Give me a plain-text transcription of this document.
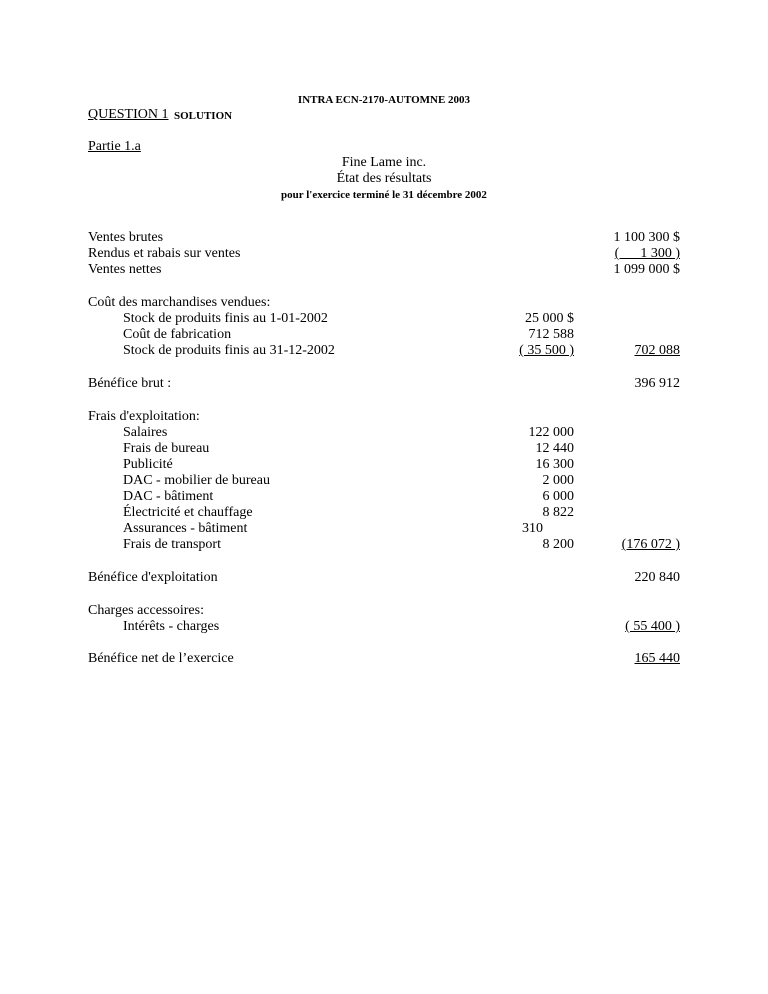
INTRA ECN-2170-AUTOMNE 2003
QUESTION 1 SOLUTION
Partie 1.a
Fine Lame inc.
État des résultats
pour l'exercice terminé le 31 décembre 2002
Ventes brutes	1 100 300 $
Rendus et rabais sur ventes	(      1 300 )
Ventes nettes	1 099 000 $
Coût des marchandises vendues:
Stock de produits finis au 1-01-2002	25 000 $
Coût de fabrication	712 588
Stock de produits finis au 31-12-2002	( 35 500 )	702 088
Bénéfice brut :	396 912
Frais d'exploitation:
Salaires	122 000
Frais de bureau	12 440
Publicité	16 300
DAC - mobilier de bureau	2 000
DAC - bâtiment	6 000
Électricité et chauffage	8 822
Assurances - bâtiment	310
Frais de transport	8 200	(176 072 )
Bénéfice d'exploitation	220 840
Charges accessoires:
Intérêts - charges	( 55 400 )
Bénéfice net de l’exercice	165 440
